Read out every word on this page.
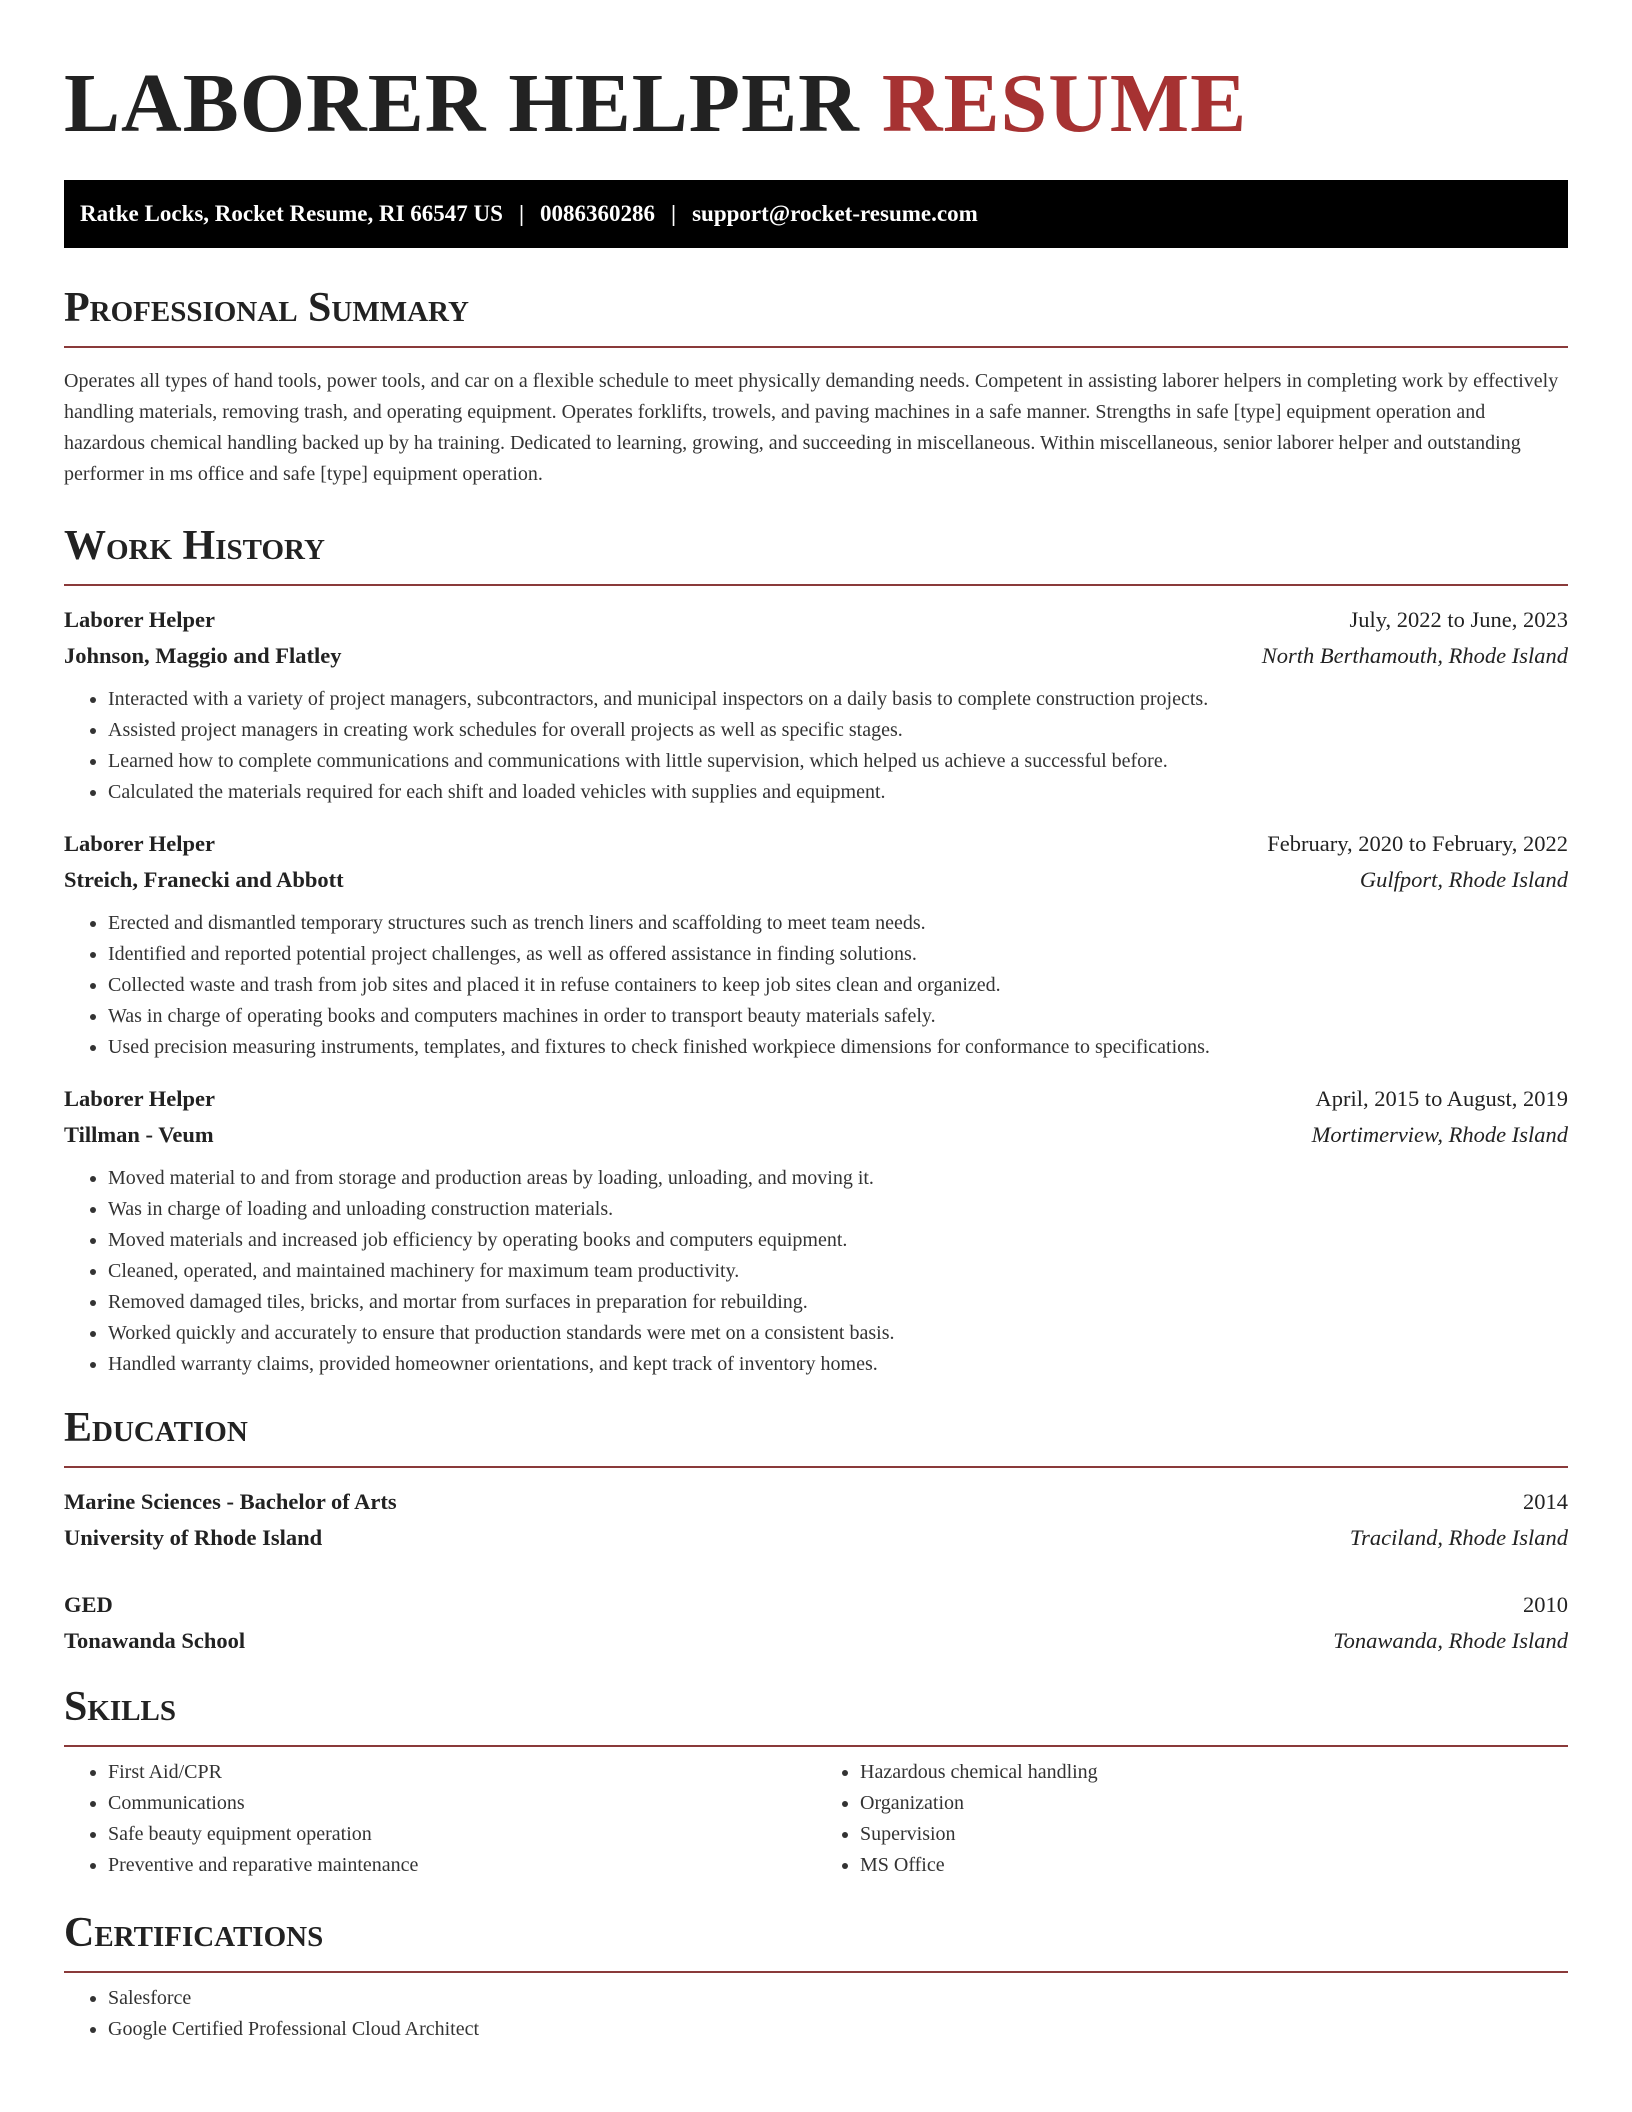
LABORER HELPER RESUME
Ratke Locks, Rocket Resume, RI 66547 US | 0086360286 | support@rocket-resume.com
Professional Summary

Operates all types of hand tools, power tools, and car on a flexible schedule to meet physically demanding needs. Competent in assisting laborer helpers in completing work by effectively handling materials, removing trash, and operating equipment. Operates forklifts, trowels, and paving machines in a safe manner. Strengths in safe [type] equipment operation and hazardous chemical handling backed up by ha training. Dedicated to learning, growing, and succeeding in miscellaneous. Within miscellaneous, senior laborer helper and outstanding performer in ms office and safe [type] equipment operation.

Work History
Laborer Helper	July, 2022 to June, 2023
Johnson, Maggio and Flatley	North Berthamouth, Rhode Island
• Interacted with a variety of project managers, subcontractors, and municipal inspectors on a daily basis to complete construction projects.
• Assisted project managers in creating work schedules for overall projects as well as specific stages.
• Learned how to complete communications and communications with little supervision, which helped us achieve a successful before.
• Calculated the materials required for each shift and loaded vehicles with supplies and equipment.
Laborer Helper	February, 2020 to February, 2022
Streich, Franecki and Abbott	Gulfport, Rhode Island
• Erected and dismantled temporary structures such as trench liners and scaffolding to meet team needs.
• Identified and reported potential project challenges, as well as offered assistance in finding solutions.
• Collected waste and trash from job sites and placed it in refuse containers to keep job sites clean and organized.
• Was in charge of operating books and computers machines in order to transport beauty materials safely.
• Used precision measuring instruments, templates, and fixtures to check finished workpiece dimensions for conformance to specifications.
Laborer Helper	April, 2015 to August, 2019
Tillman - Veum	Mortimerview, Rhode Island
• Moved material to and from storage and production areas by loading, unloading, and moving it.
• Was in charge of loading and unloading construction materials.
• Moved materials and increased job efficiency by operating books and computers equipment.
• Cleaned, operated, and maintained machinery for maximum team productivity.
• Removed damaged tiles, bricks, and mortar from surfaces in preparation for rebuilding.
• Worked quickly and accurately to ensure that production standards were met on a consistent basis.
• Handled warranty claims, provided homeowner orientations, and kept track of inventory homes.
Education
Marine Sciences - Bachelor of Arts	2014
University of Rhode Island	Traciland, Rhode Island
GED	2010
Tonawanda School	Tonawanda, Rhode Island
Skills
• First Aid/CPR
• Communications
• Safe beauty equipment operation
• Preventive and reparative maintenance
• Hazardous chemical handling
• Organization
• Supervision
• MS Office
Certifications
• Salesforce
• Google Certified Professional Cloud Architect
